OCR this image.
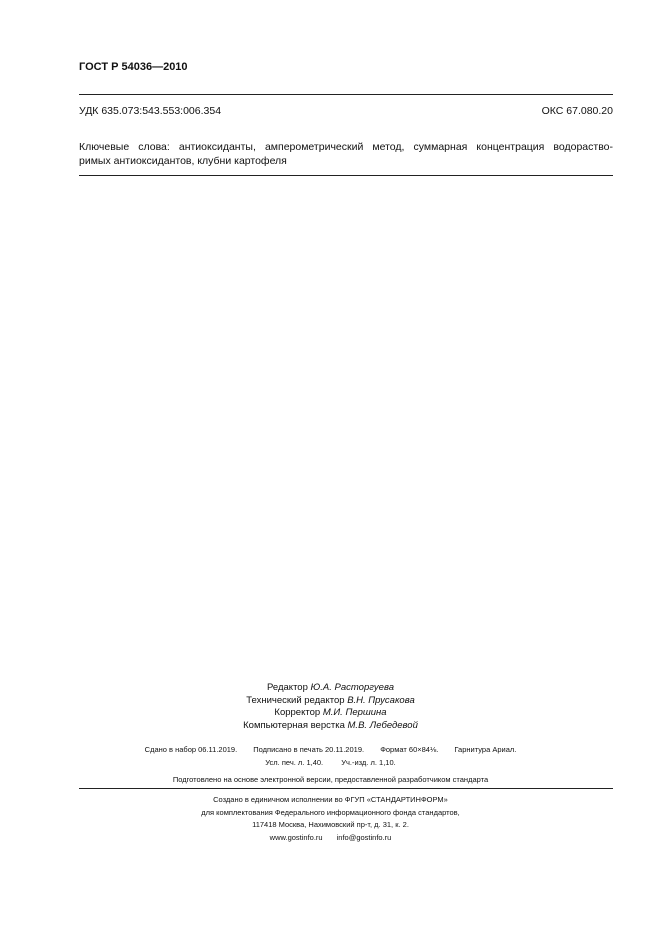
ГОСТ Р 54036—2010
УДК 635.073:543.553:006.354	ОКС 67.080.20
Ключевые слова: антиоксиданты, амперометрический метод, суммарная концентрация водораство-
римых антиоксидантов, клубни картофеля
Редактор Ю.А. Расторгуева
Технический редактор В.Н. Прусакова
Корректор М.И. Першина
Компьютерная верстка М.В. Лебедевой
Сдано в набор 06.11.2019. Подписано в печать 20.11.2019. Формат 60×84⅛. Гарнитура Ариал.
Усл. печ. л. 1,40. Уч.-изд. л. 1,10.
Подготовлено на основе электронной версии, предоставленной разработчиком стандарта
Создано в единичном исполнении во ФГУП «СТАНДАРТИНФОРМ»
для комплектования Федерального информационного фонда стандартов,
117418 Москва, Нахимовский пр-т, д. 31, к. 2.
www.gostinfo.ru info@gostinfo.ru
